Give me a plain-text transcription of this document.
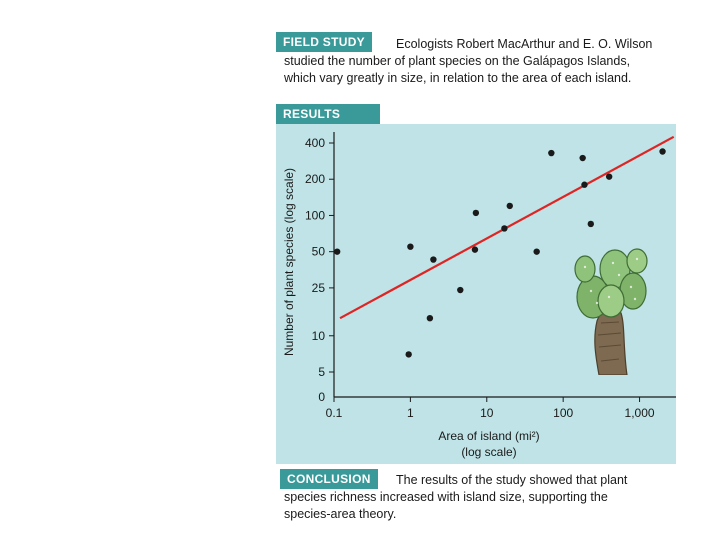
FIELD STUDY	Ecologists Robert MacArthur and E. O. Wilson
studied the number of plant species on the Galápagos Islands,
which vary greatly in size, in relation to the area of each island.
RESULTS
5
10
25
50
100
200
400
0
0.1	1	10	100	1,000
Area of island (mi²)
(log scale)
Number of plant species (log scale)
CONCLUSION	The results of the study showed that plant
species richness increased with island size, supporting the
species-area theory.
